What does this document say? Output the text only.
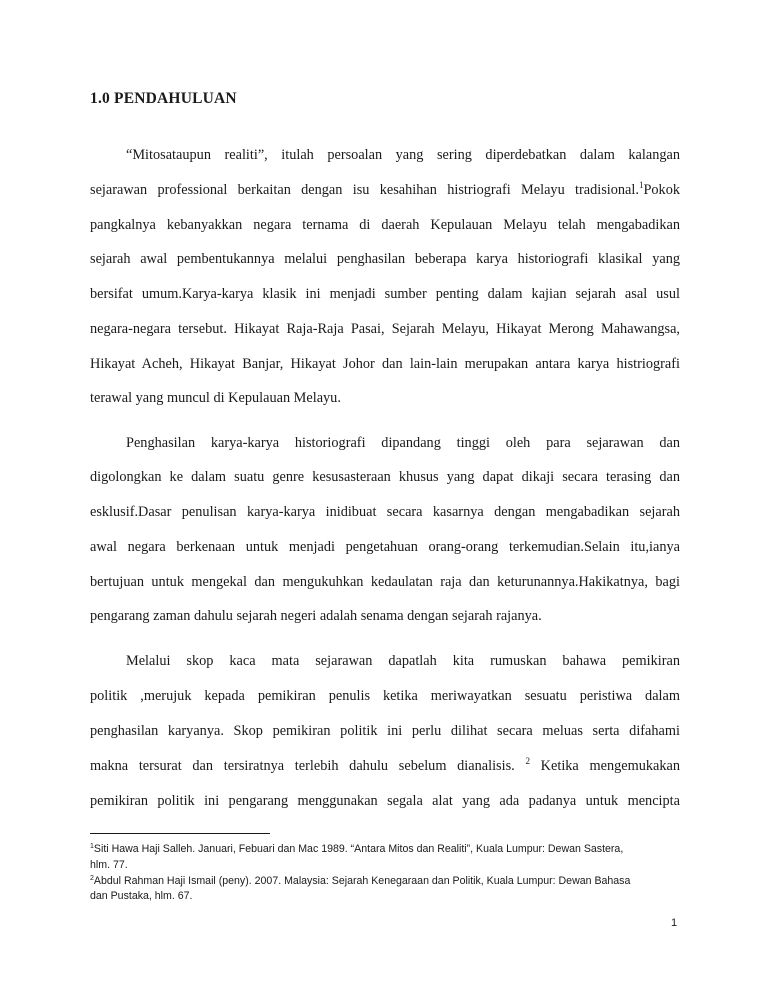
1.0 PENDAHULUAN
“Mitosataupun realiti”, itulah persoalan yang sering diperdebatkan dalam kalangan
sejarawan professional berkaitan dengan isu kesahihan histriografi Melayu tradisional.$^1$Pokok
pangkalnya kebanyakkan negara ternama di daerah Kepulauan Melayu telah mengabadikan
sejarah awal pembentukannya melalui penghasilan beberapa karya historiografi klasikal yang
bersifat umum.Karya-karya klasik ini menjadi sumber penting dalam kajian sejarah asal usul
negara-negara tersebut. Hikayat Raja-Raja Pasai, Sejarah Melayu, Hikayat Merong Mahawangsa,
Hikayat Acheh, Hikayat Banjar, Hikayat Johor dan lain-lain merupakan antara karya histriografi
terawal yang muncul di Kepulauan Melayu.
Penghasilan karya-karya historiografi dipandang tinggi oleh para sejarawan dan
digolongkan ke dalam suatu genre kesusasteraan khusus yang dapat dikaji secara terasing dan
esklusif.Dasar penulisan karya-karya inidibuat secara kasarnya dengan mengabadikan sejarah
awal negara berkenaan untuk menjadi pengetahuan orang-orang terkemudian.Selain itu,ianya
bertujuan untuk mengekal dan mengukuhkan kedaulatan raja dan keturunannya.Hakikatnya, bagi
pengarang zaman dahulu sejarah negeri adalah senama dengan sejarah rajanya.
Melalui skop kaca mata sejarawan dapatlah kita rumuskan bahawa pemikiran
politik ,merujuk kepada pemikiran penulis ketika meriwayatkan sesuatu peristiwa dalam
penghasilan karyanya. Skop pemikiran politik ini perlu dilihat secara meluas serta difahami
makna tersurat dan tersiratnya terlebih dahulu sebelum dianalisis. $^2$ Ketika mengemukakan
pemikiran politik ini pengarang menggunakan segala alat yang ada padanya untuk mencipta
$^1$Siti Hawa Haji Salleh. Januari, Febuari dan Mac 1989. “Antara Mitos dan Realiti”, Kuala Lumpur: Dewan Sastera,
hlm. 77.
$^2$Abdul Rahman Haji Ismail (peny). 2007. Malaysia: Sejarah Kenegaraan dan Politik, Kuala Lumpur: Dewan Bahasa
dan Pustaka, hlm. 67.
1
